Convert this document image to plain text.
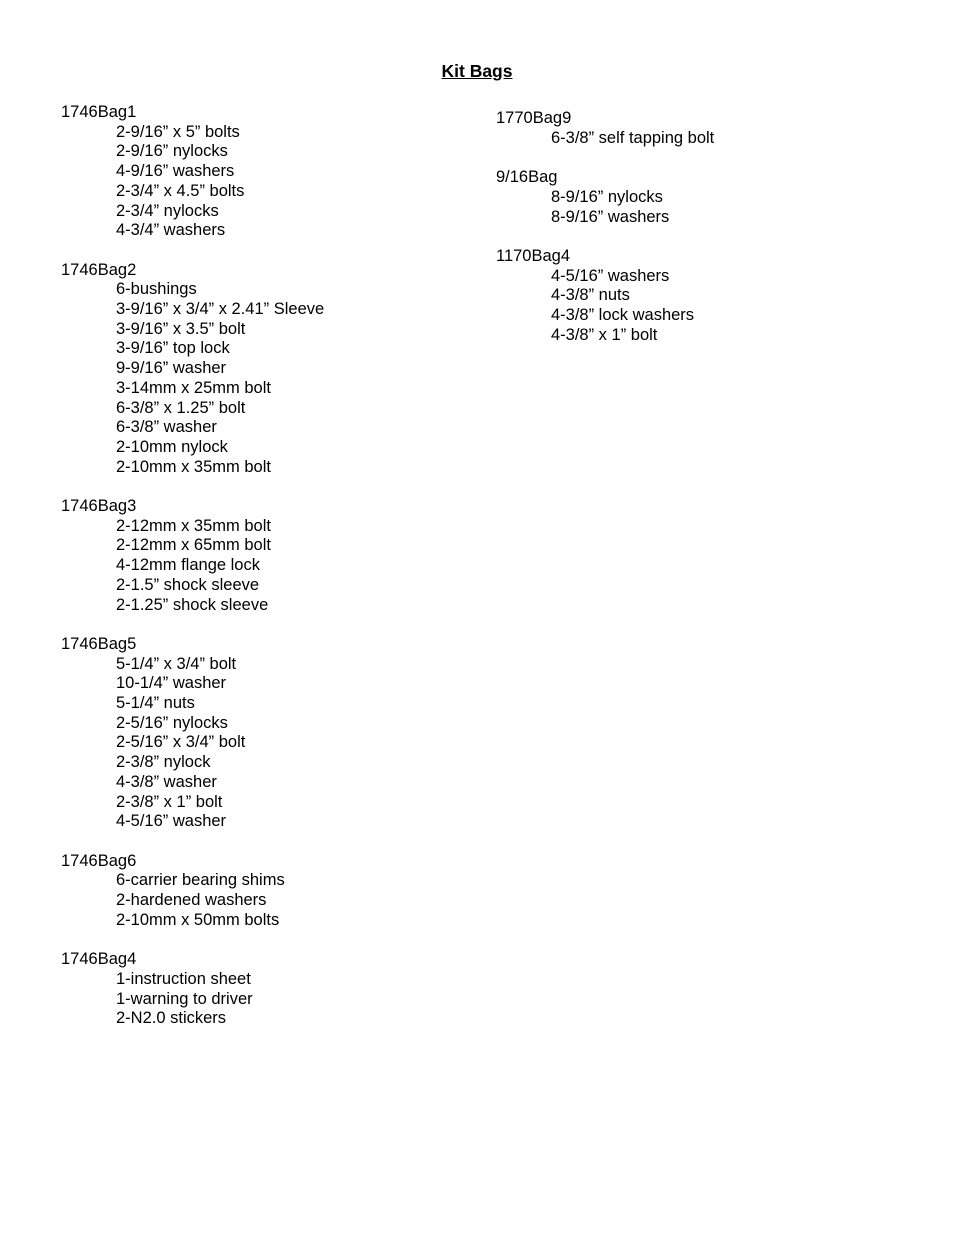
Kit Bags
1746Bag1
2-9/16” x 5” bolts
2-9/16” nylocks
4-9/16” washers
2-3/4” x 4.5” bolts
2-3/4” nylocks
4-3/4” washers
1746Bag2
6-bushings
3-9/16” x 3/4” x 2.41” Sleeve
3-9/16” x 3.5” bolt
3-9/16” top lock
9-9/16” washer
3-14mm x 25mm bolt
6-3/8” x 1.25” bolt
6-3/8” washer
2-10mm nylock
2-10mm x 35mm bolt
1746Bag3
2-12mm x 35mm bolt
2-12mm x 65mm bolt
4-12mm flange lock
2-1.5” shock sleeve
2-1.25” shock sleeve
1746Bag5
5-1/4” x 3/4” bolt
10-1/4” washer
5-1/4” nuts
2-5/16” nylocks
2-5/16” x 3/4” bolt
2-3/8” nylock
4-3/8” washer
2-3/8” x 1” bolt
4-5/16” washer
1746Bag6
6-carrier bearing shims
2-hardened washers
2-10mm x 50mm bolts
1746Bag4
1-instruction sheet
1-warning to driver
2-N2.0 stickers
1770Bag9
6-3/8” self tapping bolt
9/16Bag
8-9/16” nylocks
8-9/16” washers
1170Bag4
4-5/16” washers
4-3/8” nuts
4-3/8” lock washers
4-3/8” x 1” bolt
